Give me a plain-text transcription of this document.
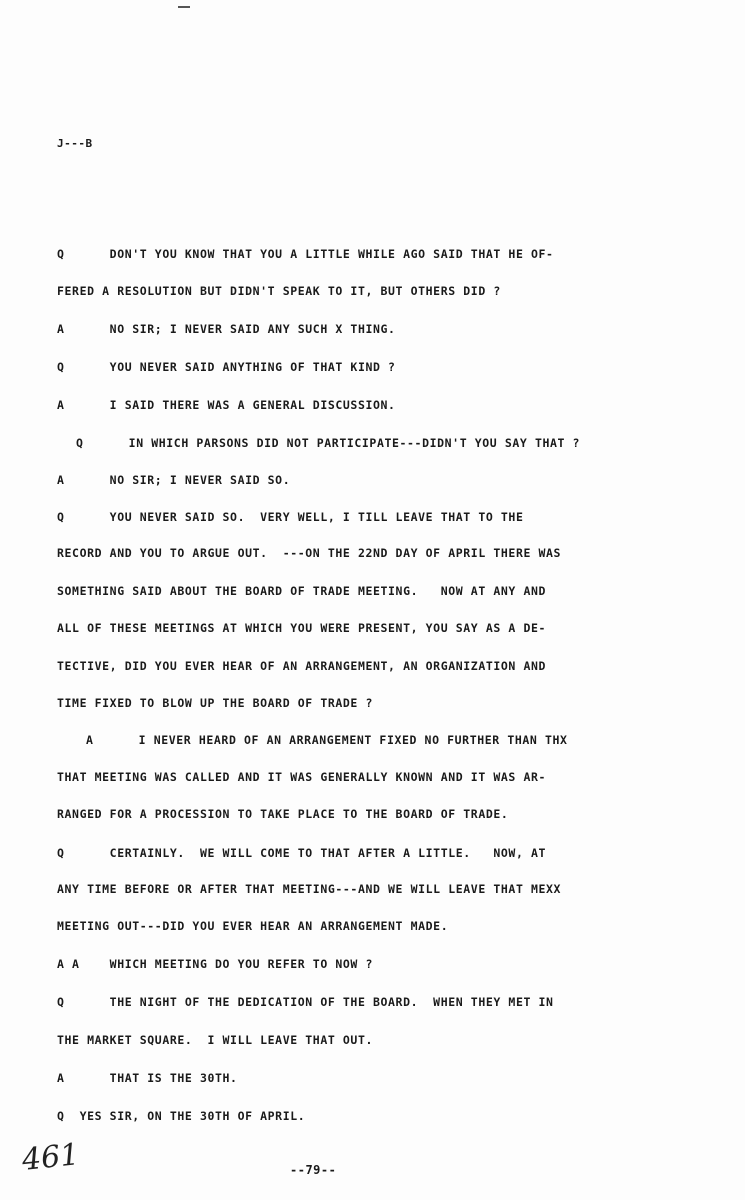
J---B
Q      DON'T YOU KNOW THAT YOU A LITTLE WHILE AGO SAID THAT HE OF-
FERED A RESOLUTION BUT DIDN'T SPEAK TO IT, BUT OTHERS DID ?
A      NO SIR; I NEVER SAID ANY SUCH X THING.
Q      YOU NEVER SAID ANYTHING OF THAT KIND ?
A      I SAID THERE WAS A GENERAL DISCUSSION.
Q      IN WHICH PARSONS DID NOT PARTICIPATE---DIDN'T YOU SAY THAT ?
A      NO SIR; I NEVER SAID SO.
Q      YOU NEVER SAID SO.  VERY WELL, I TILL LEAVE THAT TO THE
RECORD AND YOU TO ARGUE OUT.  ---ON THE 22ND DAY OF APRIL THERE WAS
SOMETHING SAID ABOUT THE BOARD OF TRADE MEETING.   NOW AT ANY AND
ALL OF THESE MEETINGS AT WHICH YOU WERE PRESENT, YOU SAY AS A DE-
TECTIVE, DID YOU EVER HEAR OF AN ARRANGEMENT, AN ORGANIZATION AND
TIME FIXED TO BLOW UP THE BOARD OF TRADE ?
A      I NEVER HEARD OF AN ARRANGEMENT FIXED NO FURTHER THAN THX
THAT MEETING WAS CALLED AND IT WAS GENERALLY KNOWN AND IT WAS AR-
RANGED FOR A PROCESSION TO TAKE PLACE TO THE BOARD OF TRADE.
Q      CERTAINLY.  WE WILL COME TO THAT AFTER A LITTLE.   NOW, AT
ANY TIME BEFORE OR AFTER THAT MEETING---AND WE WILL LEAVE THAT MEXX
MEETING OUT---DID YOU EVER HEAR AN ARRANGEMENT MADE.
A A    WHICH MEETING DO YOU REFER TO NOW ?
Q      THE NIGHT OF THE DEDICATION OF THE BOARD.  WHEN THEY MET IN
THE MARKET SQUARE.  I WILL LEAVE THAT OUT.
A      THAT IS THE 30TH.
Q  YES SIR, ON THE 30TH OF APRIL.
461	--79--
